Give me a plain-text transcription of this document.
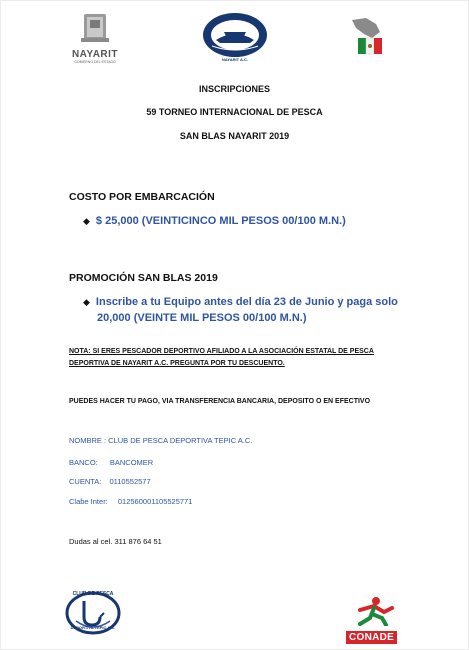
NAYARIT
GOBIERNO DEL ESTADO	NAYARIT A.C.
ASOCIACION ESTATAL DE PESCA DEPORTIVA
INSCRIPCIONES
59 TORNEO INTERNACIONAL DE PESCA
SAN BLAS NAYARIT 2019
COSTO POR EMBARCACIÓN
◆ $ 25,000 (VEINTICINCO MIL PESOS 00/100 M.N.)
PROMOCIÓN SAN BLAS 2019
◆ Inscribe a tu Equipo antes del día 23 de Junio y paga solo
20,000 (VEINTE MIL PESOS 00/100 M.N.)
NOTA: SI ERES PESCADOR DEPORTIVO AFILIADO A LA ASOCIACIÓN ESTATAL DE PESCA
DEPORTIVA DE NAYARIT A.C. PREGUNTA POR TU DESCUENTO.
PUEDES HACER TU PAGO, VIA TRANSFERENCIA BANCARIA, DEPOSITO O EN EFECTIVO
NOMBRE : CLUB DE PESCA DEPORTIVA TEPIC A.C.
BANCO: BANCOMER
CUENTA: 0110552577
Clabe Inter: 012560001105525771
Dudas al cel. 311 876 64 51
CLUB DE PESCA
DEPORTIVA TEPIC A.C.
CONADE
